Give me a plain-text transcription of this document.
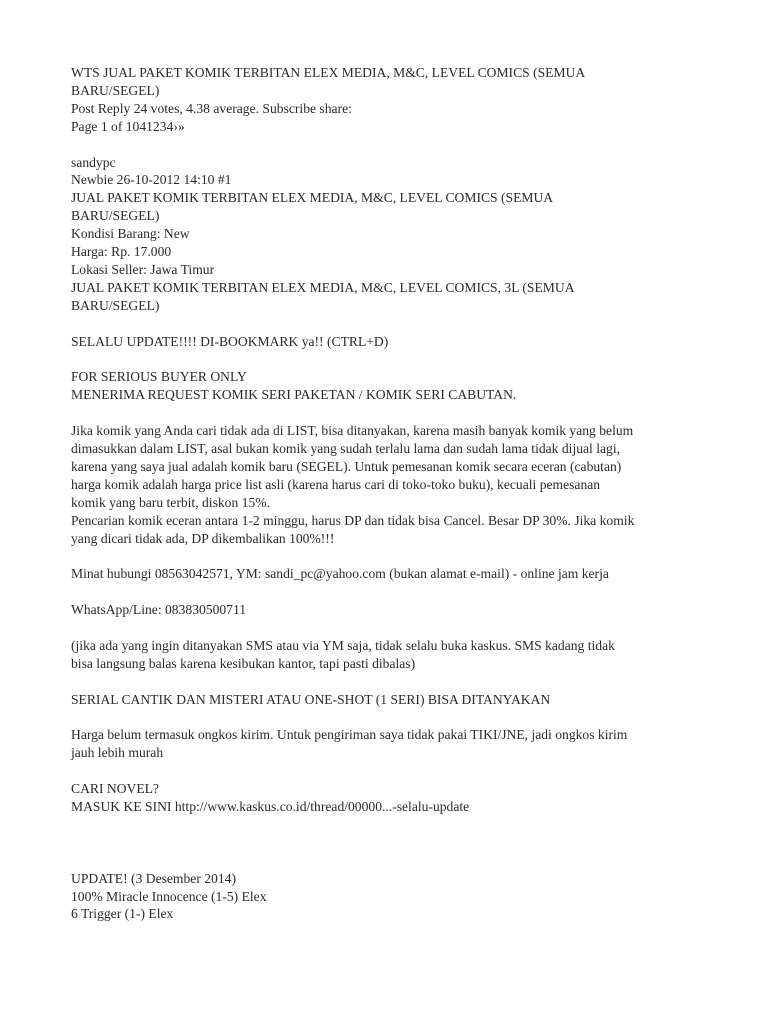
WTS JUAL PAKET KOMIK TERBITAN ELEX MEDIA, M&C, LEVEL COMICS (SEMUA
BARU/SEGEL)
Post Reply 24 votes, 4.38 average. Subscribe share:
Page 1 of 1041234›»
sandypc
Newbie 26-10-2012 14:10 #1
JUAL PAKET KOMIK TERBITAN ELEX MEDIA, M&C, LEVEL COMICS (SEMUA
BARU/SEGEL)
Kondisi Barang: New
Harga: Rp. 17.000
Lokasi Seller: Jawa Timur
JUAL PAKET KOMIK TERBITAN ELEX MEDIA, M&C, LEVEL COMICS, 3L (SEMUA
BARU/SEGEL)
SELALU UPDATE!!!! DI-BOOKMARK ya!! (CTRL+D)
FOR SERIOUS BUYER ONLY
MENERIMA REQUEST KOMIK SERI PAKETAN / KOMIK SERI CABUTAN.
Jika komik yang Anda cari tidak ada di LIST, bisa ditanyakan, karena masih banyak komik yang belum
dimasukkan dalam LIST, asal bukan komik yang sudah terlalu lama dan sudah lama tidak dijual lagi,
karena yang saya jual adalah komik baru (SEGEL). Untuk pemesanan komik secara eceran (cabutan)
harga komik adalah harga price list asli (karena harus cari di toko-toko buku), kecuali pemesanan
komik yang baru terbit, diskon 15%.
Pencarian komik eceran antara 1-2 minggu, harus DP dan tidak bisa Cancel. Besar DP 30%. Jika komik
yang dicari tidak ada, DP dikembalikan 100%!!!
Minat hubungi 08563042571, YM: sandi_pc@yahoo.com (bukan alamat e-mail) - online jam kerja
WhatsApp/Line: 083830500711
(jika ada yang ingin ditanyakan SMS atau via YM saja, tidak selalu buka kaskus. SMS kadang tidak
bisa langsung balas karena kesibukan kantor, tapi pasti dibalas)
SERIAL CANTIK DAN MISTERI ATAU ONE-SHOT (1 SERI) BISA DITANYAKAN
Harga belum termasuk ongkos kirim. Untuk pengiriman saya tidak pakai TIKI/JNE, jadi ongkos kirim
jauh lebih murah
CARI NOVEL?
MASUK KE SINI http://www.kaskus.co.id/thread/00000...-selalu-update
UPDATE! (3 Desember 2014)
100% Miracle Innocence (1-5) Elex
6 Trigger (1-) Elex
